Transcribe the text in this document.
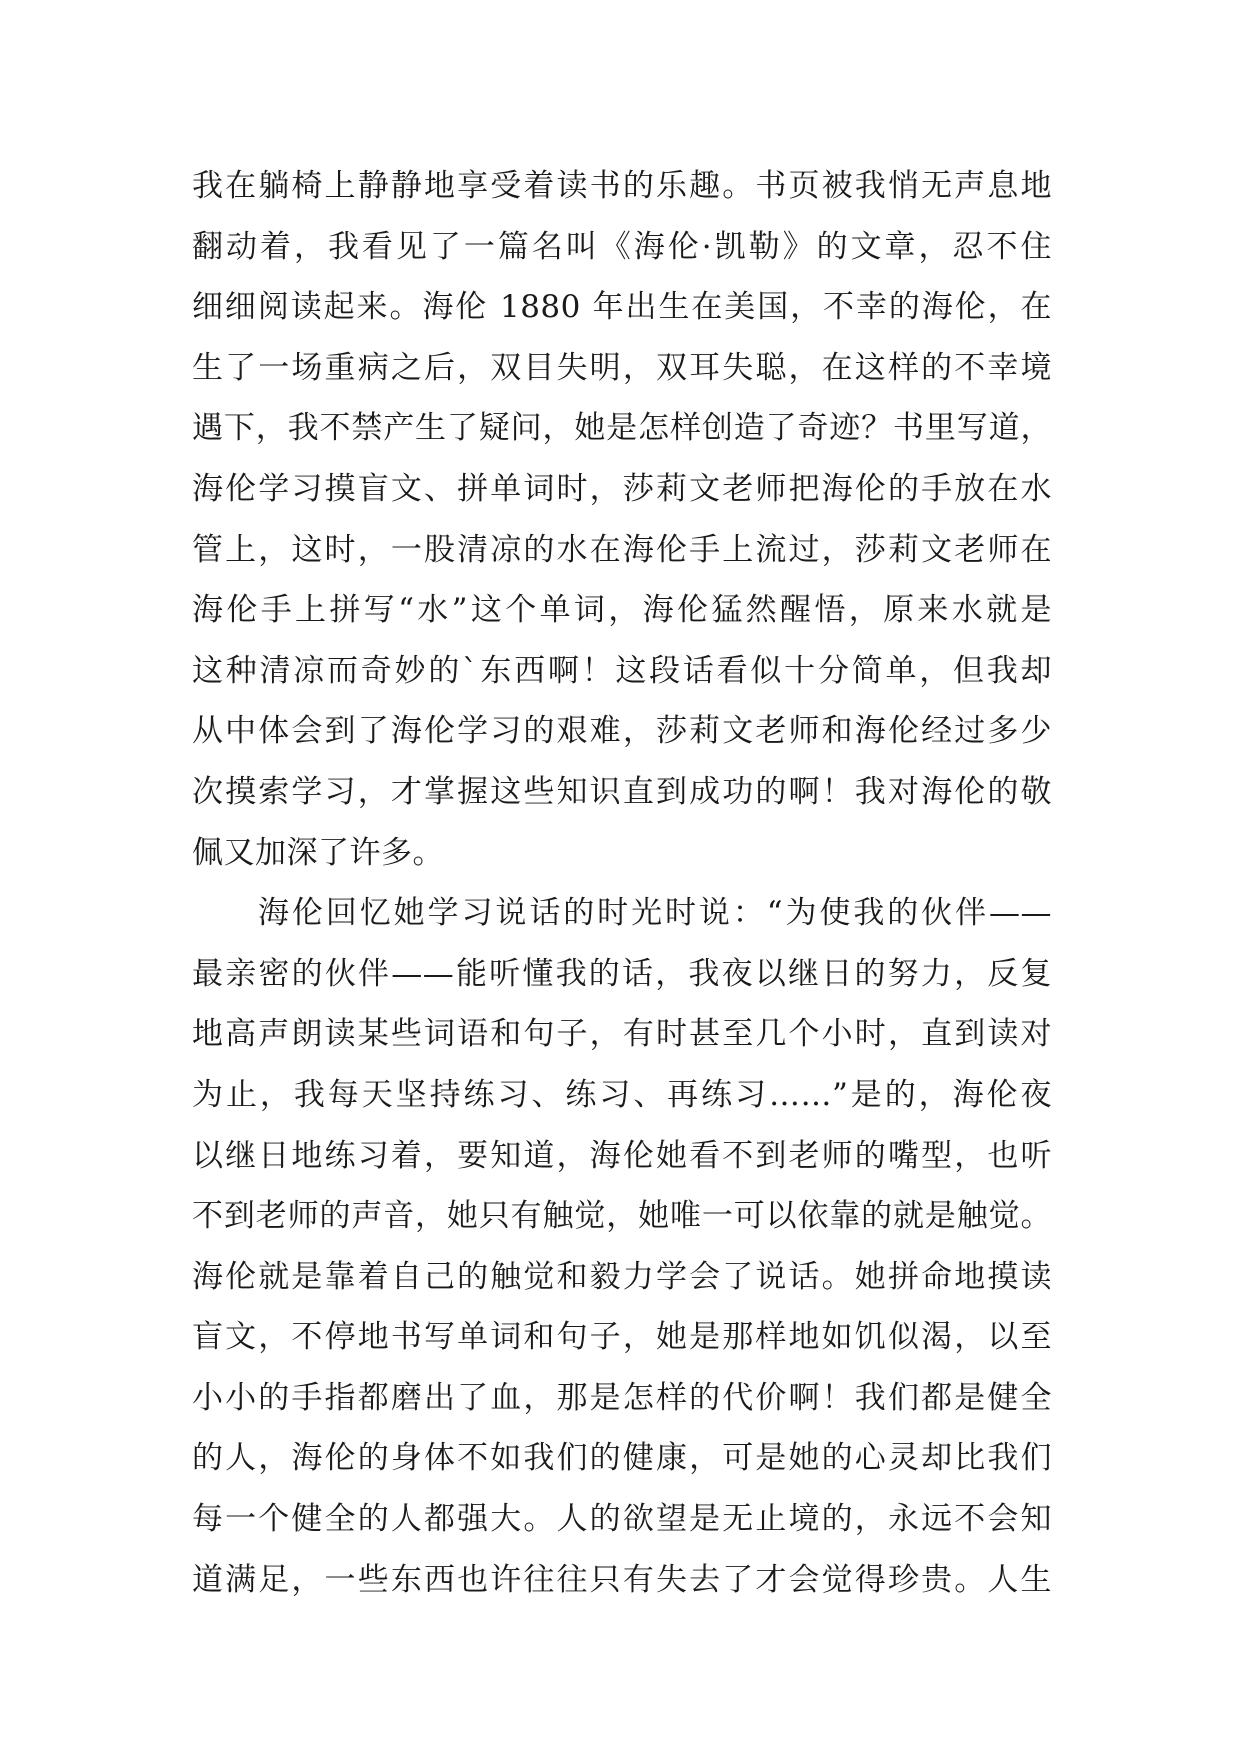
我在躺椅上静静地享受着读书的乐趣。书页被我悄无声息地
翻动着，我看见了一篇名叫《海伦·凯勒》的文章，忍不住
细细阅读起来。海伦 1880 年出生在美国，不幸的海伦，在
生了一场重病之后，双目失明，双耳失聪，在这样的不幸境
遇下，我不禁产生了疑问，她是怎样创造了奇迹？书里写道，
海伦学习摸盲文、拼单词时，莎莉文老师把海伦的手放在水
管上，这时，一股清凉的水在海伦手上流过，莎莉文老师在
海伦手上拼写“水”这个单词，海伦猛然醒悟，原来水就是
这种清凉而奇妙的`东西啊！这段话看似十分简单，但我却
从中体会到了海伦学习的艰难，莎莉文老师和海伦经过多少
次摸索学习，才掌握这些知识直到成功的啊！我对海伦的敬
佩又加深了许多。
海伦回忆她学习说话的时光时说：“为使我的伙伴——
最亲密的伙伴——能听懂我的话，我夜以继日的努力，反复
地高声朗读某些词语和句子，有时甚至几个小时，直到读对
为止，我每天坚持练习、练习、再练习……”是的，海伦夜
以继日地练习着，要知道，海伦她看不到老师的嘴型，也听
不到老师的声音，她只有触觉，她唯一可以依靠的就是触觉。
海伦就是靠着自己的触觉和毅力学会了说话。她拼命地摸读
盲文，不停地书写单词和句子，她是那样地如饥似渴，以至
小小的手指都磨出了血，那是怎样的代价啊！我们都是健全
的人，海伦的身体不如我们的健康，可是她的心灵却比我们
每一个健全的人都强大。人的欲望是无止境的，永远不会知
道满足，一些东西也许往往只有失去了才会觉得珍贵。人生
